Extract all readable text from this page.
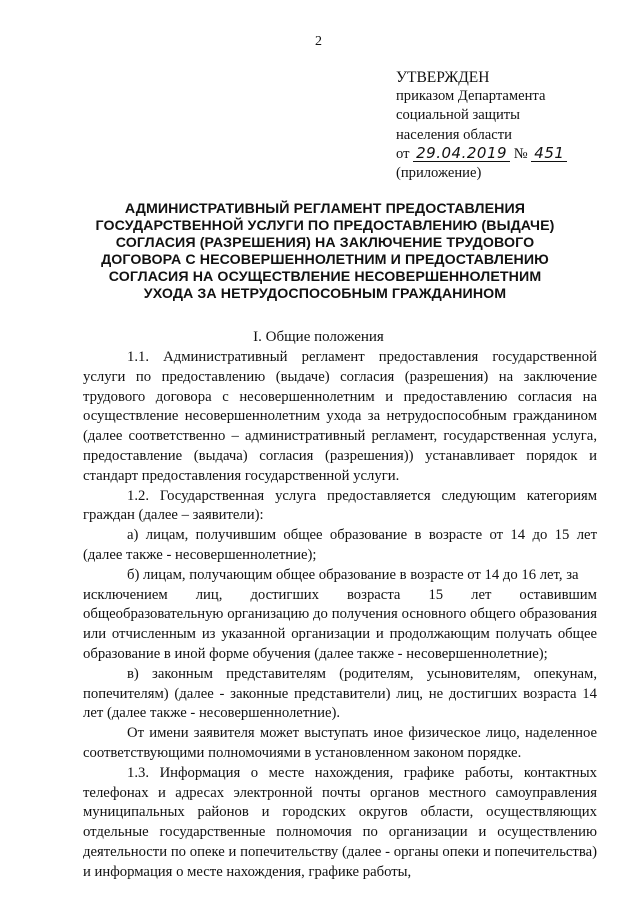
2
УТВЕРЖДЕН
приказом Департамента
социальной защиты
населения области
от 29.04.2019 № 451
(приложение)
АДМИНИСТРАТИВНЫЙ РЕГЛАМЕНТ ПРЕДОСТАВЛЕНИЯ
ГОСУДАРСТВЕННОЙ УСЛУГИ ПО ПРЕДОСТАВЛЕНИЮ (ВЫДАЧЕ)
СОГЛАСИЯ (РАЗРЕШЕНИЯ) НА ЗАКЛЮЧЕНИЕ ТРУДОВОГО
ДОГОВОРА С НЕСОВЕРШЕННОЛЕТНИМ И ПРЕДОСТАВЛЕНИЮ
СОГЛАСИЯ НА ОСУЩЕСТВЛЕНИЕ НЕСОВЕРШЕННОЛЕТНИМ
УХОДА ЗА НЕТРУДОСПОСОБНЫМ ГРАЖДАНИНОМ
I. Общие положения

1.1. Административный регламент предоставления государственной услуги по предоставлению (выдаче) согласия (разрешения) на заключение трудового договора с несовершеннолетним и предоставлению согласия на осуществление несовершеннолетним ухода за нетрудоспособным гражданином (далее соответственно – административный регламент, государственная услуга, предоставление (выдача) согласия (разрешения)) устанавливает порядок и стандарт предоставления государственной услуги.

1.2. Государственная услуга предоставляется следующим категориям граждан (далее – заявители):

а) лицам, получившим общее образование в возрасте от 14 до 15 лет (далее также - несовершеннолетние);

б) лицам, получающим общее образование в возрасте от 14 до 16 лет, за

исключением лиц, достигших возраста 15 лет оставившим

общеобразовательную организацию до получения основного общего образования или отчисленным из указанной организации и продолжающим получать общее образование в иной форме обучения (далее также - несовершеннолетние);

в) законным представителям (родителям, усыновителям, опекунам, попечителям) (далее - законные представители) лиц, не достигших возраста 14 лет (далее также - несовершеннолетние).

От имени заявителя может выступать иное физическое лицо, наделенное соответствующими полномочиями в установленном законом порядке.

1.3. Информация о месте нахождения, графике работы, контактных телефонах и адресах электронной почты органов местного самоуправления муниципальных районов и городских округов области, осуществляющих отдельные государственные полномочия по организации и осуществлению деятельности по опеке и попечительству (далее - органы опеки и попечительства) и информация о месте нахождения, графике работы,
